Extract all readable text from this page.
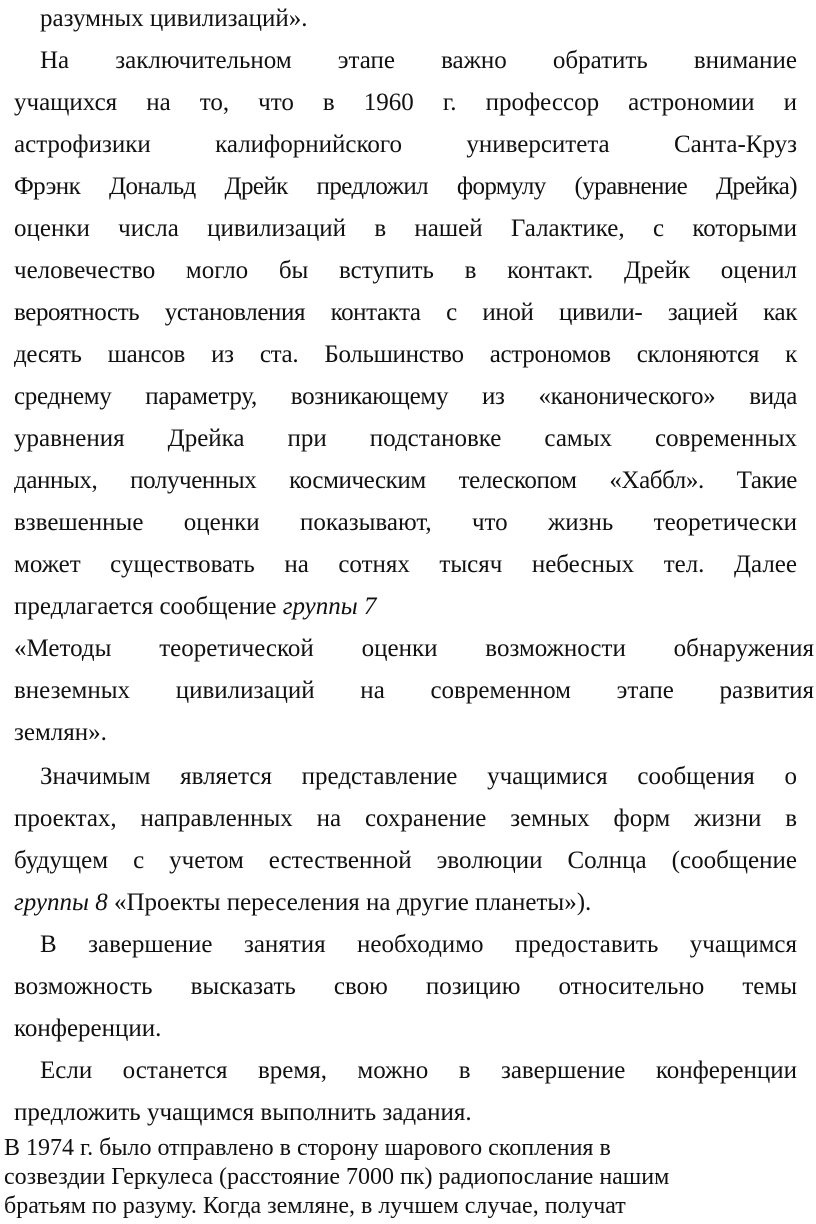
разумных цивилизаций».
На заключительном этапе важно обратить внимание
учащихся на то, что в 1960 г. профессор астрономии и
астрофизики калифорнийского университета Санта-Круз
Фрэнк Дональд Дрейк предложил формулу (уравнение Дрейка)
оценки числа цивилизаций в нашей Галактике, с которыми
человечество могло бы вступить в контакт. Дрейк оценил
вероятность установления контакта с иной цивили- зацией как
десять шансов из ста. Большинство астрономов склоняются к
среднему параметру, возникающему из «канонического» вида
уравнения Дрейка при подстановке самых современных
данных, полученных космическим телескопом «Хаббл». Такие
взвешенные оценки показывают, что жизнь теоретически
может существовать на сотнях тысяч небесных тел. Далее
предлагается сообщение группы 7
«Методы теоретической оценки возможности обнаружения
внеземных цивилизаций на современном этапе развития
землян».
Значимым является представление учащимися сообщения о
проектах, направленных на сохранение земных форм жизни в
будущем с учетом естественной эволюции Солнца (сообщение
группы 8 «Проекты переселения на другие планеты»).
В завершение занятия необходимо предоставить учащимся
возможность высказать свою позицию относительно темы
конференции.
Если останется время, можно в завершение конференции
предложить учащимся выполнить задания.
В 1974 г. было отправлено в сторону шарового скопления в
созвездии Геркулеса (расстояние 7000 пк) радиопослание нашим
братьям по разуму. Когда земляне, в лучшем случае, получат
